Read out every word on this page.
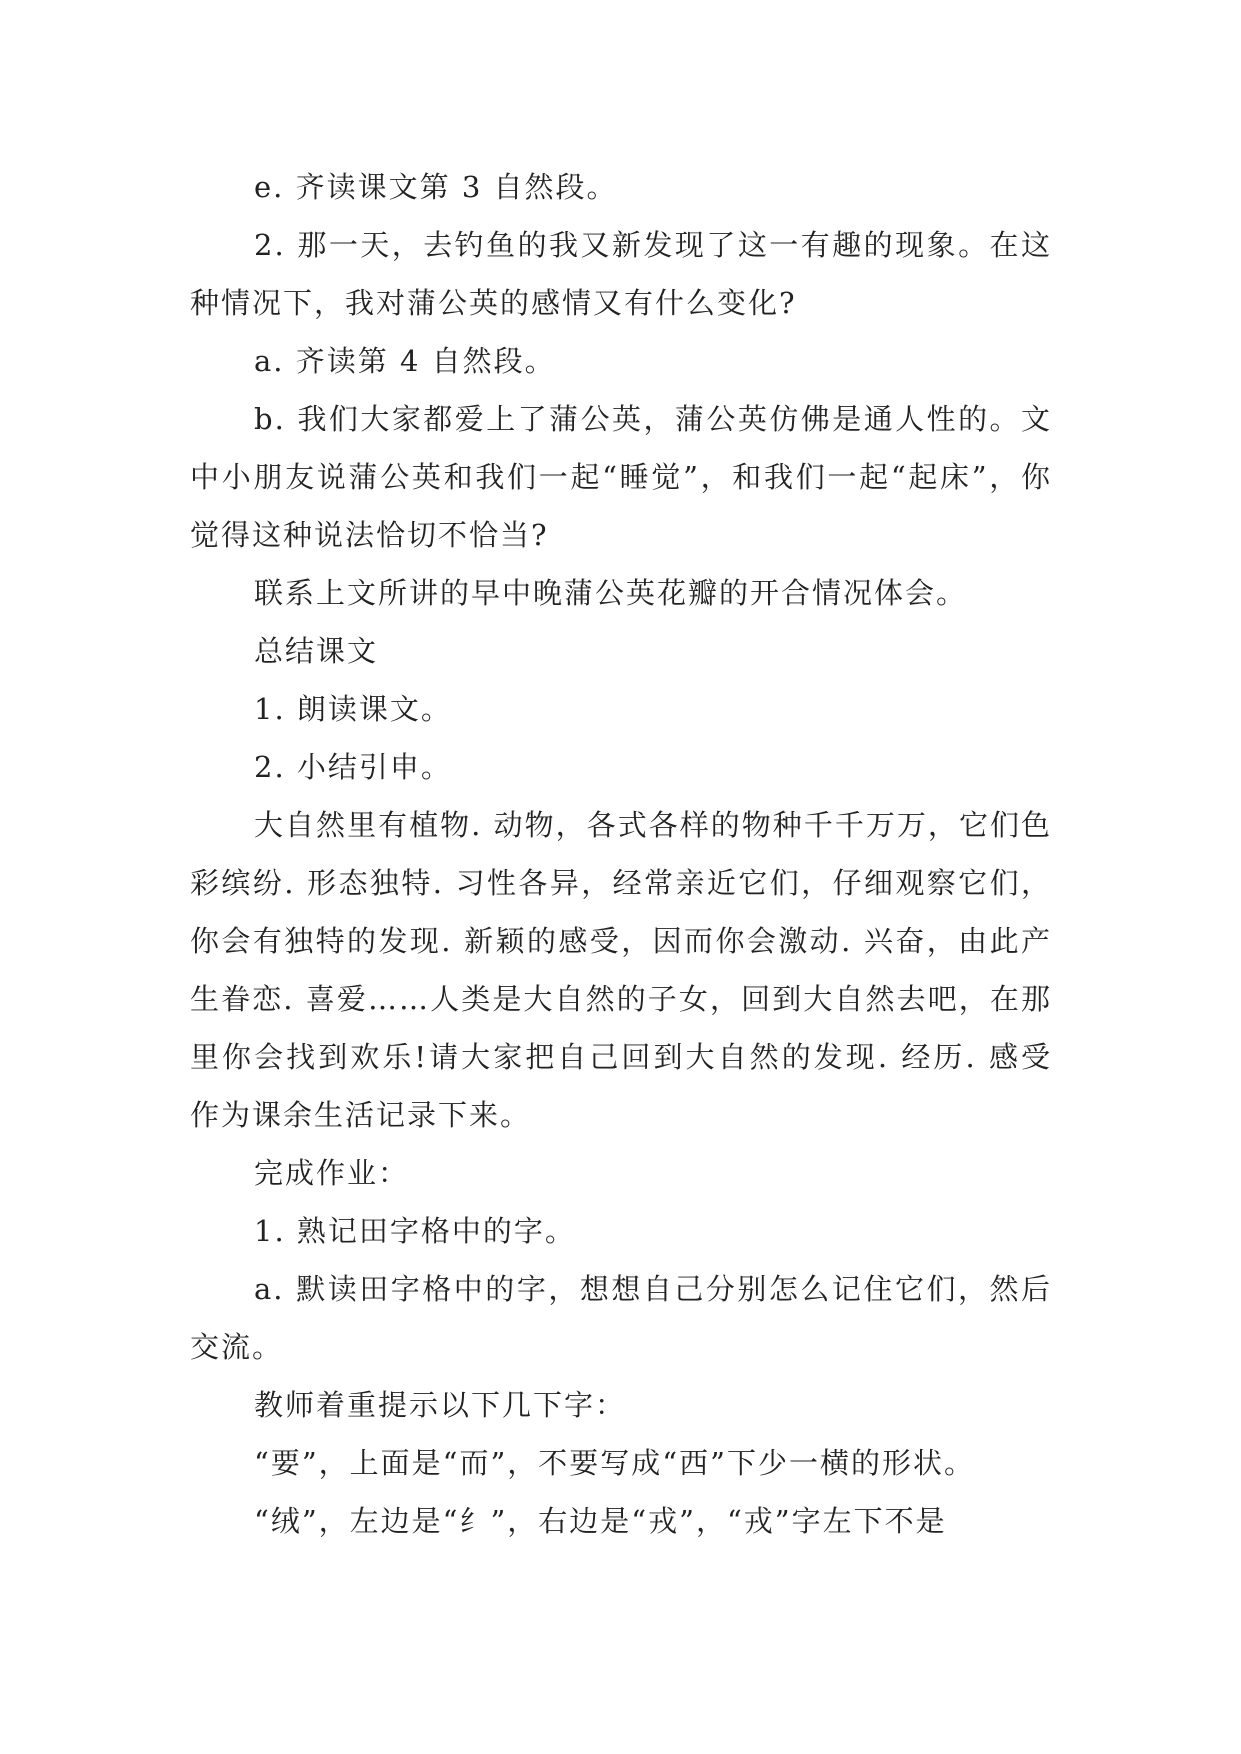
e. 齐读课文第 3 自然段。

2. 那一天，去钓鱼的我又新发现了这一有趣的现象。在这种情况下，我对蒲公英的感情又有什么变化?

a. 齐读第 4 自然段。

b. 我们大家都爱上了蒲公英，蒲公英仿佛是通人性的。文中小朋友说蒲公英和我们一起“睡觉”，和我们一起“起床”，你觉得这种说法恰切不恰当?

联系上文所讲的早中晚蒲公英花瓣的开合情况体会。

总结课文

1. 朗读课文。

2. 小结引申。

大自然里有植物. 动物，各式各样的物种千千万万，它们色彩缤纷. 形态独特. 习性各异，经常亲近它们，仔细观察它们，你会有独特的发现. 新颖的感受，因而你会激动. 兴奋，由此产生眷恋. 喜爱……人类是大自然的子女，回到大自然去吧，在那里你会找到欢乐!请大家把自己回到大自然的发现. 经历. 感受作为课余生活记录下来。

完成作业：

1. 熟记田字格中的字。

a. 默读田字格中的字，想想自己分别怎么记住它们，然后交流。

教师着重提示以下几下字：

“要”，上面是“而”，不要写成“西”下少一横的形状。

“绒”，左边是“纟”，右边是“戎”，“戎”字左下不是
